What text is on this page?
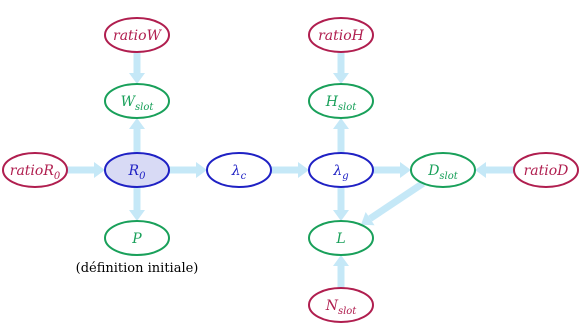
ratioW	ratioH
$W_{slot}$	$H_{slot}$
ratioR$_0$	$R_0$	$\lambda_c$	$\lambda_g$	$D_{slot}$	ratioD
P	L
$N_{slot}$
(définition initiale)
